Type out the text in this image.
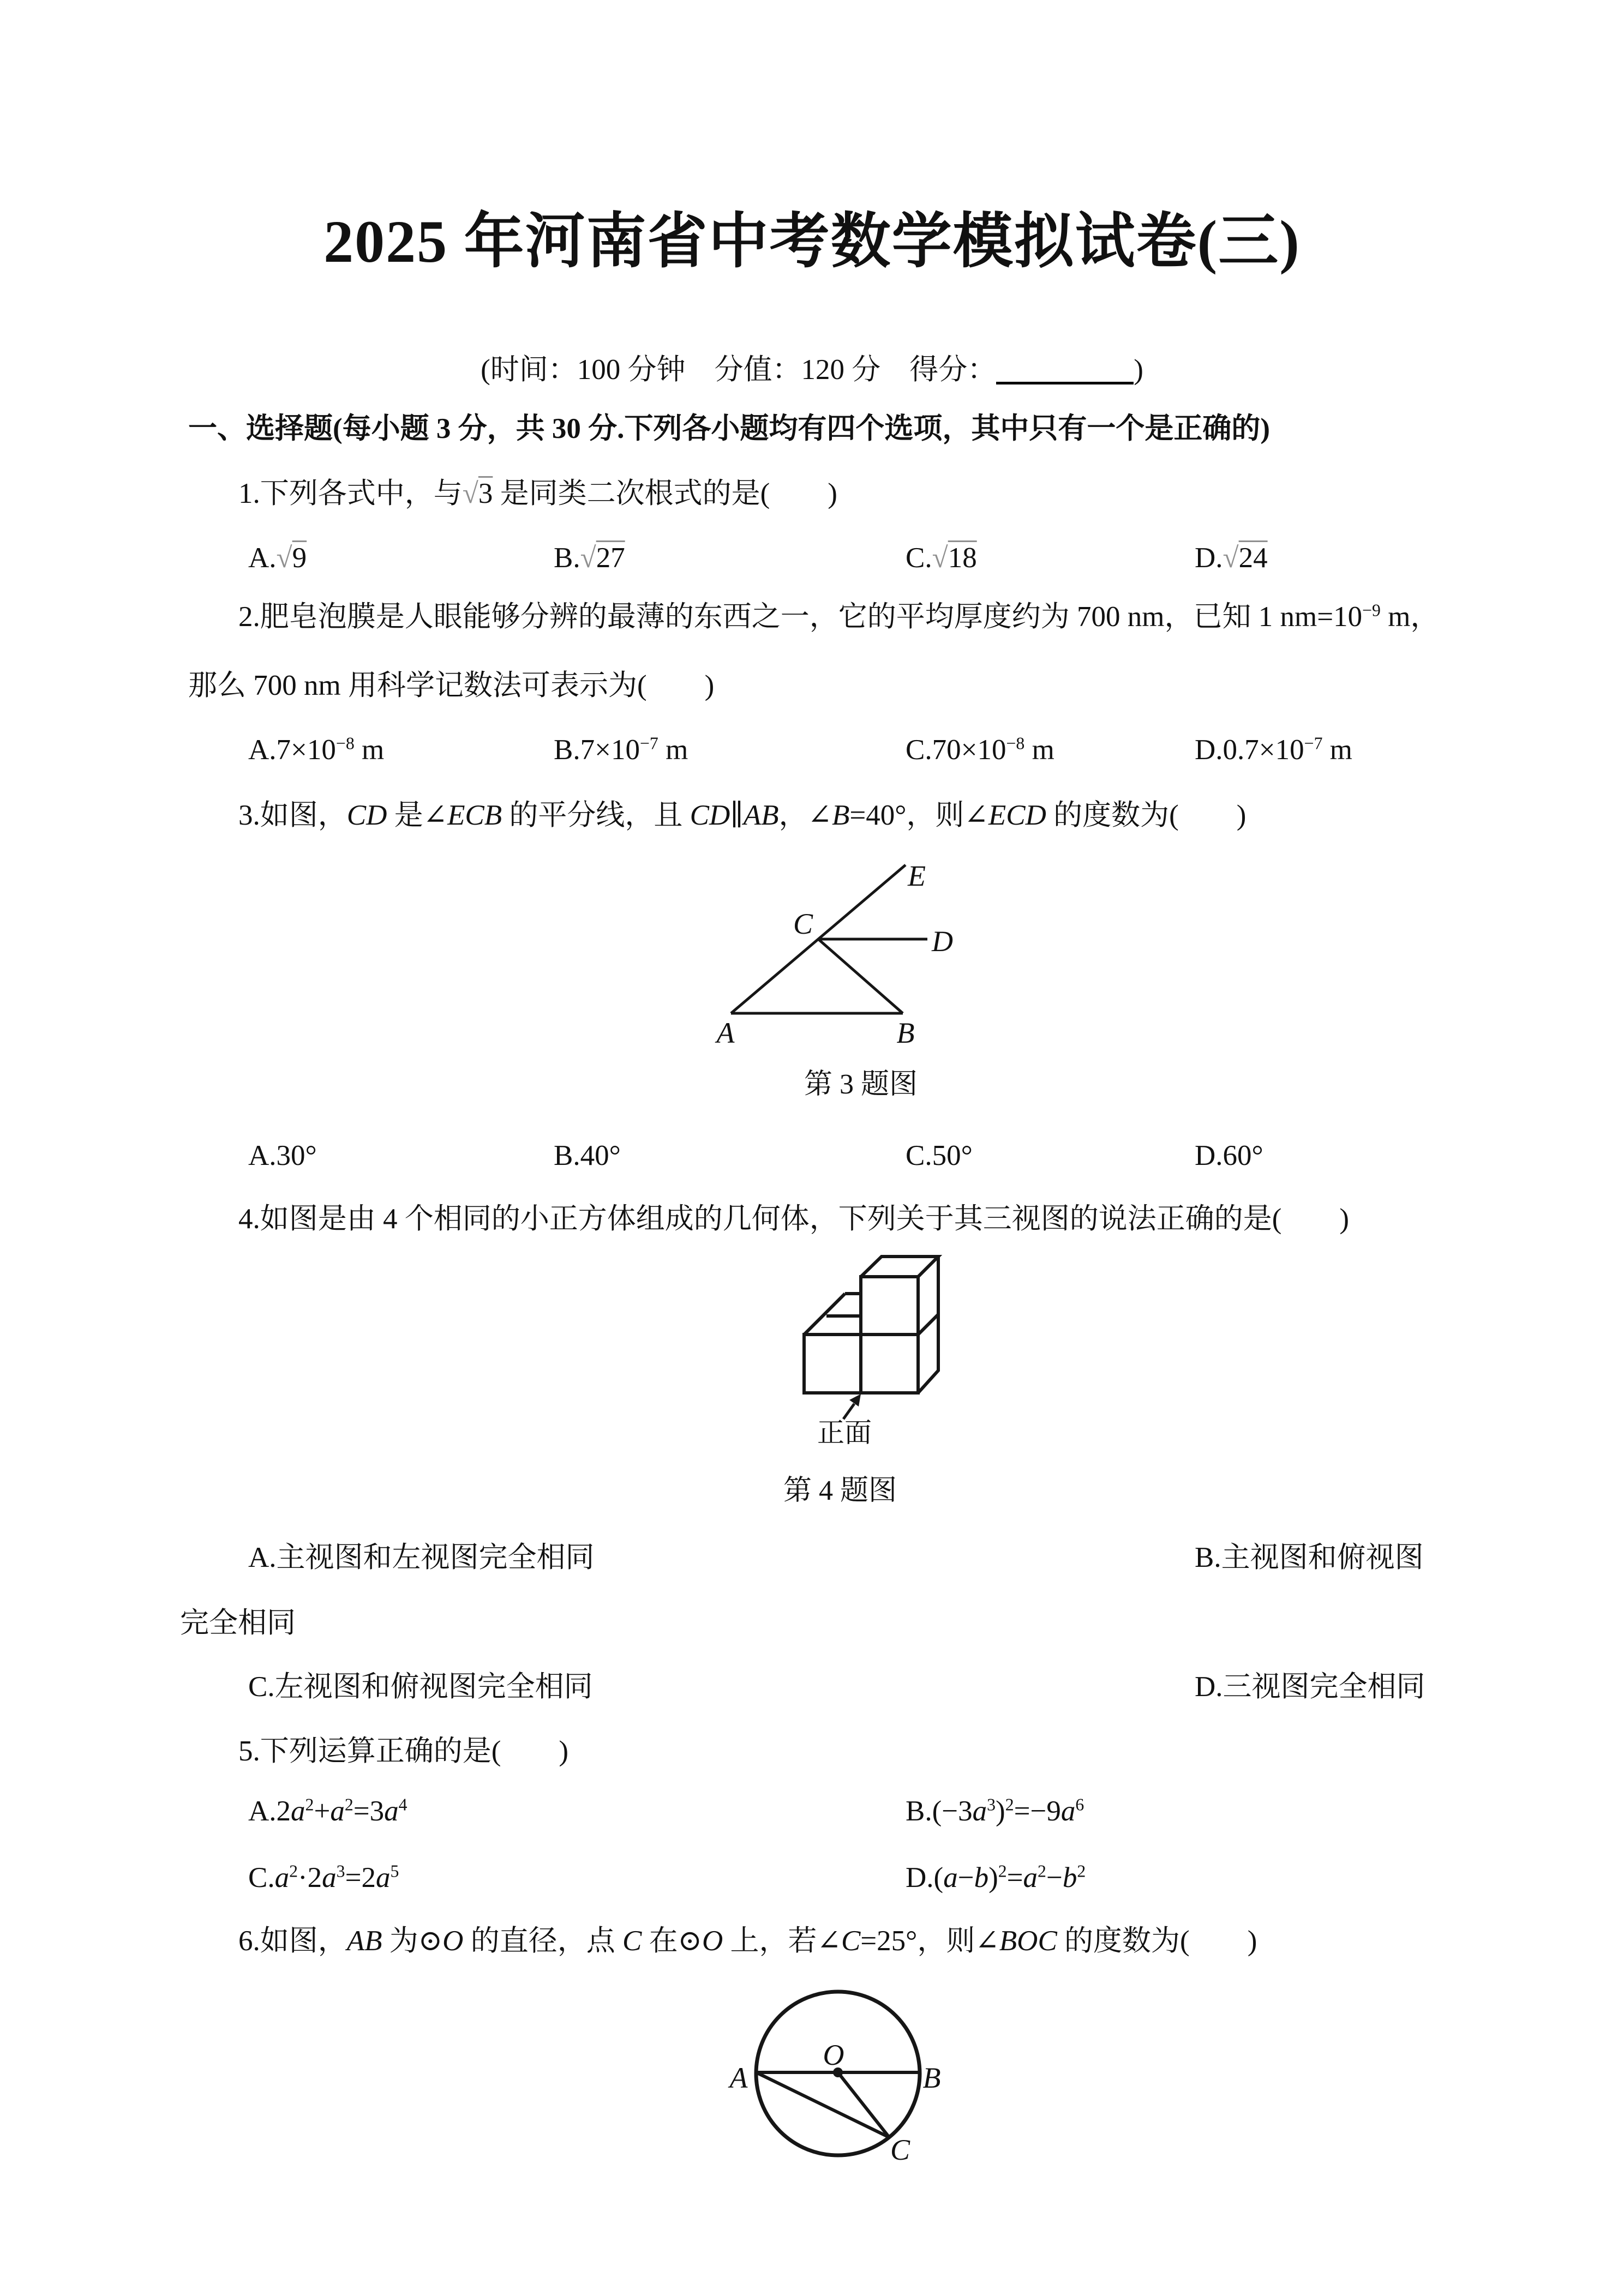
2025 年河南省中考数学模拟试卷(三)
(时间：100 分钟　分值：120 分　得分：	)
一、选择题(每小题 3 分，共 30 分.下列各小题均有四个选项，其中只有一个是正确的)
1.下列各式中，与√3 是同类二次根式的是(　　)
A.√9	B.√27	C.√18	D.√24
2.肥皂泡膜是人眼能够分辨的最薄的东西之一，它的平均厚度约为 700 nm，已知 1 $nm=10^{-9}$ m，
那么 700 nm 用科学记数法可表示为(　　)
$A.7\times 10^{-8}$ m	$B.7\times 10^{-7}$ m	$C.70\times 10^{-8}$ m	$D.0.7\times 10^{-7}$ m
3.如图，CD 是∠ECB 的平分线，且 CD∥AB，∠B=40°，则∠ECD 的度数为(　　)
E
C
D
A	B
第 3 题图
A.30°	B.40°	C.50°	D.60°
4.如图是由 4 个相同的小正方体组成的几何体，下列关于其三视图的说法正确的是(　　)
正面
第 4 题图
A.主视图和左视图完全相同	B.主视图和俯视图
完全相同
C.左视图和俯视图完全相同	D.三视图完全相同
5.下列运算正确的是(　　)
$A.2a^2+a^2=3a^4$	$B.(-3a^3)^2=-9a^6$
$C.a^2\cdot 2a^3=2a^5$	$D.(a-b)^2=a^2-b^2$
6.如图，AB 为⊙O 的直径，点 C 在⊙O 上，若∠C=25°，则∠BOC 的度数为(　　)
O
A	B
C
